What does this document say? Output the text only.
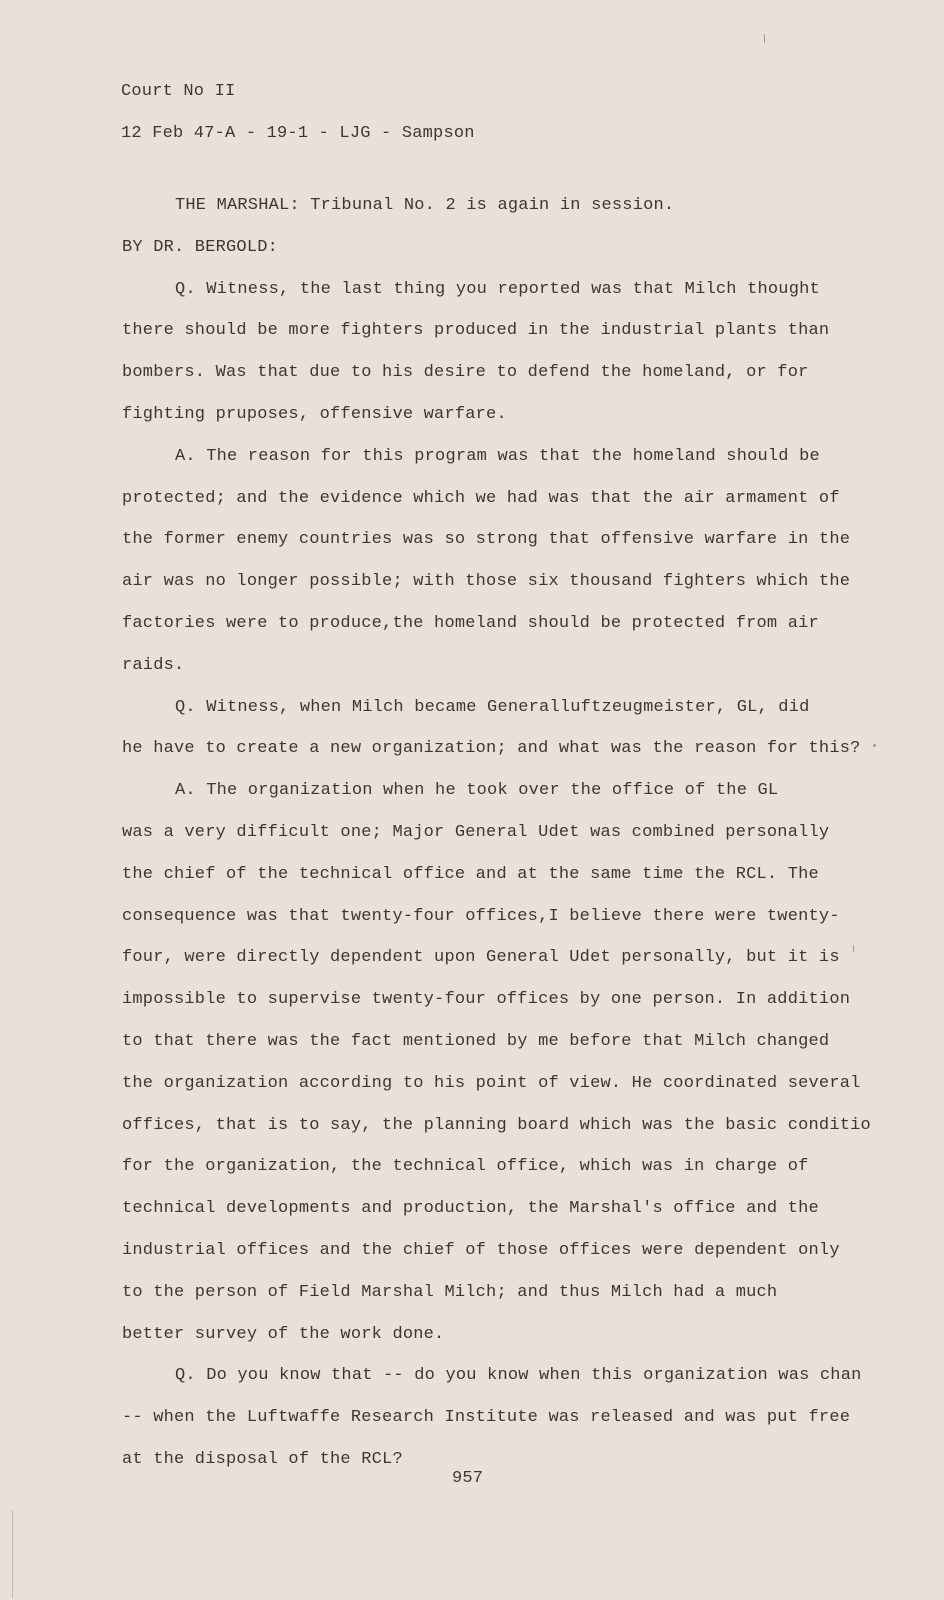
Court No II
12 Feb 47-A - 19-1 - LJG - Sampson
THE MARSHAL: Tribunal No. 2 is again in session.
BY DR. BERGOLD:
Q. Witness, the last thing you reported was that Milch thought
there should be more fighters produced in the industrial plants than
bombers. Was that due to his desire to defend the homeland, or for
fighting pruposes, offensive warfare.
A. The reason for this program was that the homeland should be
protected; and the evidence which we had was that the air armament of
the former enemy countries was so strong that offensive warfare in the
air was no longer possible; with those six thousand fighters which the
factories were to produce,the homeland should be protected from air
raids.
Q. Witness, when Milch became Generalluftzeugmeister, GL, did
he have to create a new organization; and what was the reason for this?
A. The organization when he took over the office of the GL
was a very difficult one; Major General Udet was combined personally
the chief of the technical office and at the same time the RCL. The
consequence was that twenty-four offices,I believe there were twenty-
four, were directly dependent upon General Udet personally, but it is
impossible to supervise twenty-four offices by one person. In addition
to that there was the fact mentioned by me before that Milch changed
the organization according to his point of view. He coordinated several
offices, that is to say, the planning board which was the basic conditio
for the organization, the technical office, which was in charge of
technical developments and production, the Marshal's office and the
industrial offices and the chief of those offices were dependent only
to the person of Field Marshal Milch; and thus Milch had a much
better survey of the work done.
Q. Do you know that -- do you know when this organization was chan
-- when the Luftwaffe Research Institute was released and was put free
at the disposal of the RCL?
957
